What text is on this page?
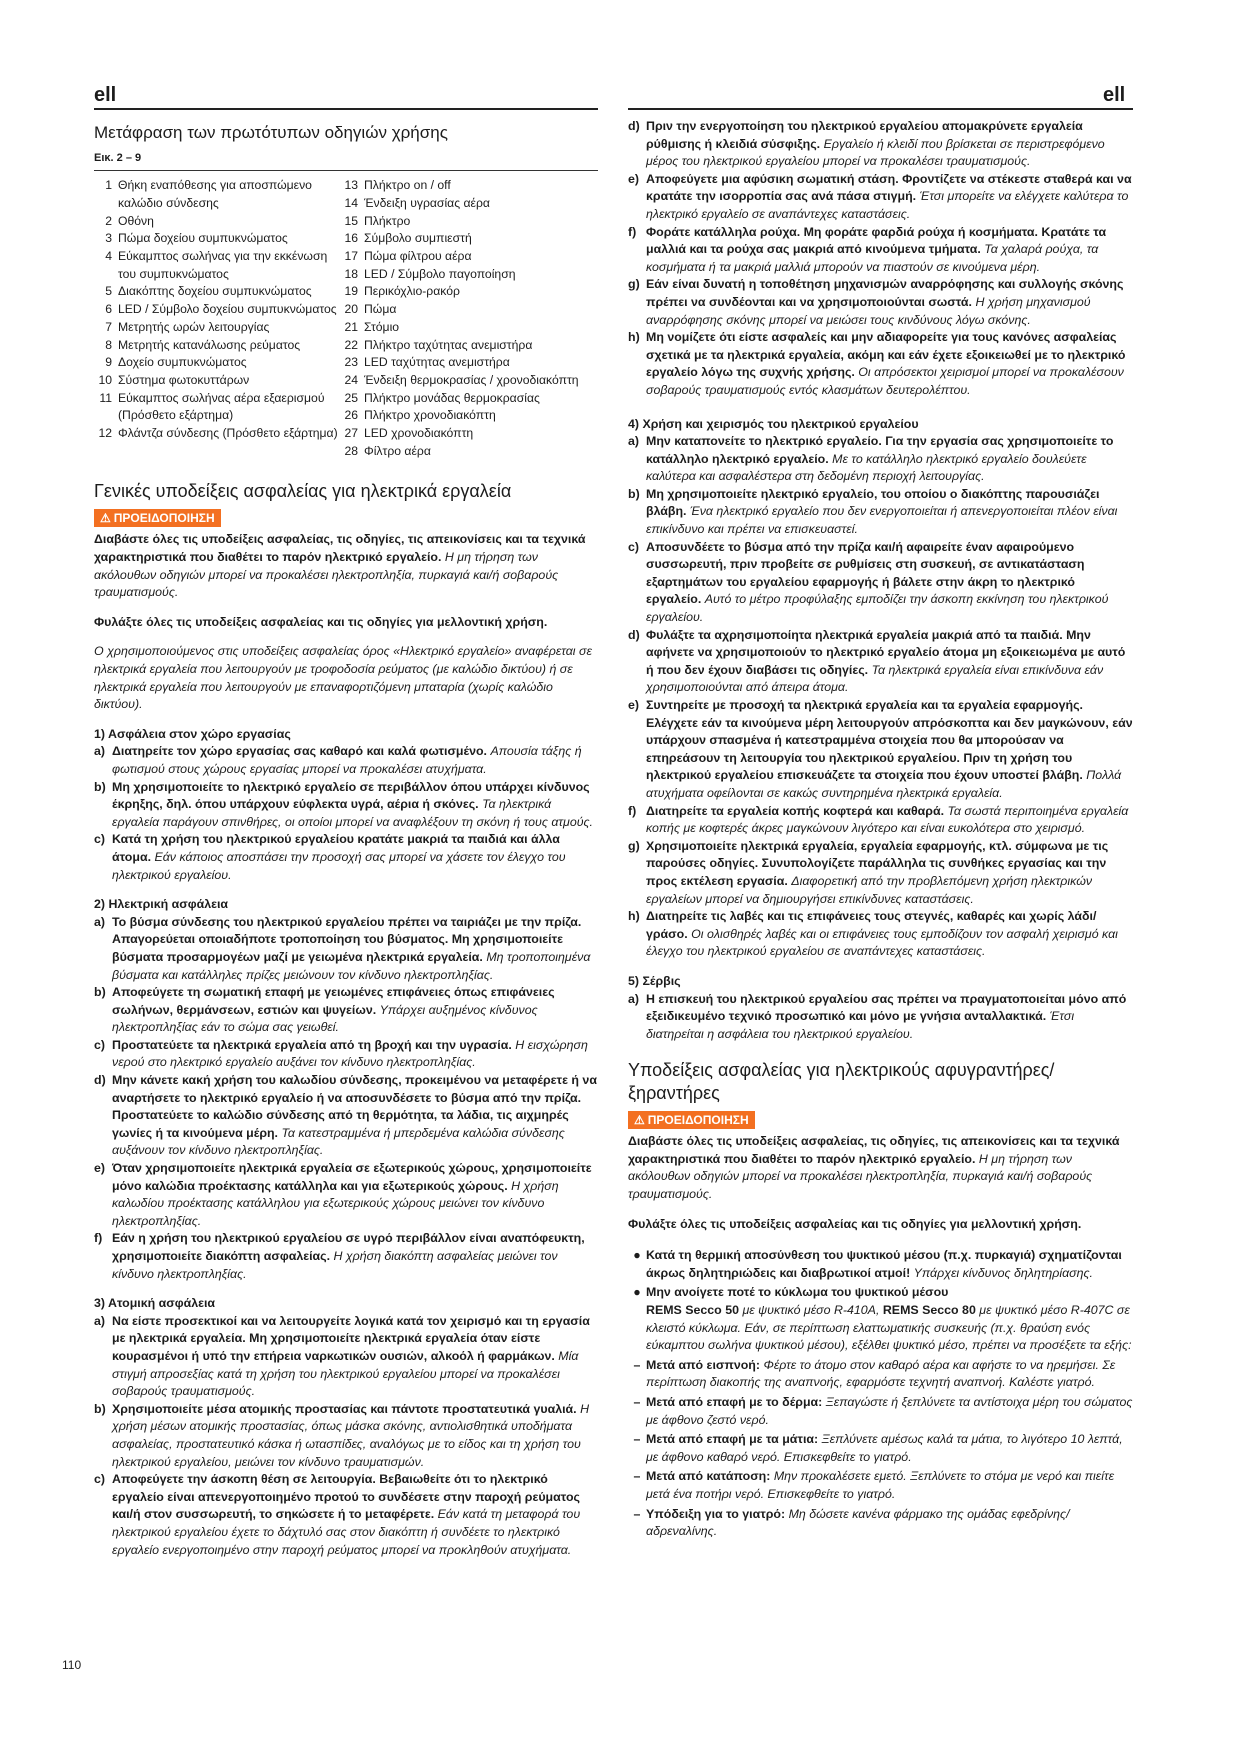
ell	ell

Μετάφραση των πρωτότυπων οδηγιών χρήσης

Εικ. 2 – 9

1 Θήκη εναπόθεσης για αποσπώμενο καλώδιο σύνδεσης
2 Οθόνη
3 Πώμα δοχείου συμπυκνώματος
4 Εύκαμπτος σωλήνας για την εκκένωση του συμπυκνώματος
5 Διακόπτης δοχείου συμπυκνώματος
6 LED / Σύμβολο δοχείου συμπυκνώματος
7 Μετρητής ωρών λειτουργίας
8 Μετρητής κατανάλωσης ρεύματος
9 Δοχείο συμπυκνώματος
10 Σύστημα φωτοκυττάρων
11 Εύκαμπτος σωλήνας αέρα εξαερισμού (Πρόσθετο εξάρτημα)
12 Φλάντζα σύνδεσης (Πρόσθετο εξάρτημα)
13 Πλήκτρο on / off
14 Ένδειξη υγρασίας αέρα
15 Πλήκτρο
16 Σύμβολο συμπιεστή
17 Πώμα φίλτρου αέρα
18 LED / Σύμβολο παγοποίηση
19 Περικόχλιο-ρακόρ
20 Πώμα
21 Στόμιο
22 Πλήκτρο ταχύτητας ανεμιστήρα
23 LED ταχύτητας ανεμιστήρα
24 Ένδειξη θερμοκρασίας / χρονοδιακόπτη
25 Πλήκτρο μονάδας θερμοκρασίας
26 Πλήκτρο χρονοδιακόπτη
27 LED χρονοδιακόπτη
28 Φίλτρο αέρα

Γενικές υποδείξεις ασφαλείας για ηλεκτρικά εργαλεία

⚠ ΠΡΟΕΙΔΟΠΟΙΗΣΗ

Διαβάστε όλες τις υποδείξεις ασφαλείας, τις οδηγίες, τις απεικονίσεις και τα τεχνικά χαρακτηριστικά που διαθέτει το παρόν ηλεκτρικό εργαλείο. Η μη τήρηση των ακόλουθων οδηγιών μπορεί να προκαλέσει ηλεκτροπληξία, πυρκαγιά και/ή σοβαρούς τραυματισμούς.

Φυλάξτε όλες τις υποδείξεις ασφαλείας και τις οδηγίες για μελλοντική χρήση.

Ο χρησιμοποιούμενος στις υποδείξεις ασφαλείας όρος «Ηλεκτρικό εργαλείο» αναφέρεται σε ηλεκτρικά εργαλεία που λειτουργούν με τροφοδοσία ρεύματος (με καλώδιο δικτύου) ή σε ηλεκτρικά εργαλεία που λειτουργούν με επαναφορτιζόμενη μπαταρία (χωρίς καλώδιο δικτύου).

1) Ασφάλεια στον χώρο εργασίας

a) Διατηρείτε τον χώρο εργασίας σας καθαρό και καλά φωτισμένο. Απουσία τάξης ή φωτισμού στους χώρους εργασίας μπορεί να προκαλέσει ατυχήματα.
b) Μη χρησιμοποιείτε το ηλεκτρικό εργαλείο σε περιβάλλον όπου υπάρχει κίνδυνος έκρηξης, δηλ. όπου υπάρχουν εύφλεκτα υγρά, αέρια ή σκόνες. Τα ηλεκτρικά εργαλεία παράγουν σπινθήρες, οι οποίοι μπορεί να αναφλέξουν τη σκόνη ή τους ατμούς.
c) Κατά τη χρήση του ηλεκτρικού εργαλείου κρατάτε μακριά τα παιδιά και άλλα άτομα. Εάν κάποιος αποσπάσει την προσοχή σας μπορεί να χάσετε τον έλεγχο του ηλεκτρικού εργαλείου.

2) Ηλεκτρική ασφάλεια

a) Το βύσμα σύνδεσης του ηλεκτρικού εργαλείου πρέπει να ταιριάζει με την πρίζα. Απαγορεύεται οποιαδήποτε τροποποίηση του βύσματος. Μη χρησιμοποιείτε βύσματα προσαρμογέων μαζί με γειωμένα ηλεκτρικά εργαλεία. Μη τροποποιημένα βύσματα και κατάλληλες πρίζες μειώνουν τον κίνδυνο ηλεκτροπληξίας.
b) Αποφεύγετε τη σωματική επαφή με γειωμένες επιφάνειες όπως επιφάνειες σωλήνων, θερμάνσεων, εστιών και ψυγείων. Υπάρχει αυξημένος κίνδυνος ηλεκτροπληξίας εάν το σώμα σας γειωθεί.
c) Προστατεύετε τα ηλεκτρικά εργαλεία από τη βροχή και την υγρασία. Η εισχώρηση νερού στο ηλεκτρικό εργαλείο αυξάνει τον κίνδυνο ηλεκτροπληξίας.
d) Μην κάνετε κακή χρήση του καλωδίου σύνδεσης, προκειμένου να μεταφέρετε ή να αναρτήσετε το ηλεκτρικό εργαλείο ή να αποσυνδέσετε το βύσμα από την πρίζα. Προστατεύετε το καλώδιο σύνδεσης από τη θερμότητα, τα λάδια, τις αιχμηρές γωνίες ή τα κινούμενα μέρη. Τα κατεστραμμένα ή μπερδεμένα καλώδια σύνδεσης αυξάνουν τον κίνδυνο ηλεκτροπληξίας.
e) Όταν χρησιμοποιείτε ηλεκτρικά εργαλεία σε εξωτερικούς χώρους, χρησιμοποιείτε μόνο καλώδια προέκτασης κατάλληλα και για εξωτερικούς χώρους. Η χρήση καλωδίου προέκτασης κατάλληλου για εξωτερικούς χώρους μειώνει τον κίνδυνο ηλεκτροπληξίας.
f) Εάν η χρήση του ηλεκτρικού εργαλείου σε υγρό περιβάλλον είναι αναπόφευκτη, χρησιμοποιείτε διακόπτη ασφαλείας. Η χρήση διακόπτη ασφαλείας μειώνει τον κίνδυνο ηλεκτροπληξίας.

3) Ατομική ασφάλεια

a) Να είστε προσεκτικοί και να λειτουργείτε λογικά κατά τον χειρισμό και τη εργασία με ηλεκτρικά εργαλεία. Μη χρησιμοποιείτε ηλεκτρικά εργαλεία όταν είστε κουρασμένοι ή υπό την επήρεια ναρκωτικών ουσιών, αλκοόλ ή φαρμάκων. Μία στιγμή απροσεξίας κατά τη χρήση του ηλεκτρικού εργαλείου μπορεί να προκαλέσει σοβαρούς τραυματισμούς.
b) Χρησιμοποιείτε μέσα ατομικής προστασίας και πάντοτε προστατευτικά γυαλιά. Η χρήση μέσων ατομικής προστασίας, όπως μάσκα σκόνης, αντιολισθητικά υποδήματα ασφαλείας, προστατευτικό κάσκα ή ωτασπίδες, αναλόγως με το είδος και τη χρήση του ηλεκτρικού εργαλείου, μειώνει τον κίνδυνο τραυματισμών.
c) Αποφεύγετε την άσκοπη θέση σε λειτουργία. Βεβαιωθείτε ότι το ηλεκτρικό εργαλείο είναι απενεργοποιημένο προτού το συνδέσετε στην παροχή ρεύματος και/ή στον συσσωρευτή, το σηκώσετε ή το μεταφέρετε. Εάν κατά τη μεταφορά του ηλεκτρικού εργαλείου έχετε το δάχτυλό σας στον διακόπτη ή συνδέετε το ηλεκτρικό εργαλείο ενεργοποιημένο στην παροχή ρεύματος μπορεί να προκληθούν ατυχήματα.
d) Πριν την ενεργοποίηση του ηλεκτρικού εργαλείου απομακρύνετε εργαλεία ρύθμισης ή κλειδιά σύσφιξης. Εργαλείο ή κλειδί που βρίσκεται σε περιστρεφόμενο μέρος του ηλεκτρικού εργαλείου μπορεί να προκαλέσει τραυματισμούς.
e) Αποφεύγετε μια αφύσικη σωματική στάση. Φροντίζετε να στέκεστε σταθερά και να κρατάτε την ισορροπία σας ανά πάσα στιγμή. Έτσι μπορείτε να ελέγχετε καλύτερα το ηλεκτρικό εργαλείο σε αναπάντεχες καταστάσεις.
f) Φοράτε κατάλληλα ρούχα. Μη φοράτε φαρδιά ρούχα ή κοσμήματα. Κρατάτε τα μαλλιά και τα ρούχα σας μακριά από κινούμενα τμήματα. Τα χαλαρά ρούχα, τα κοσμήματα ή τα μακριά μαλλιά μπορούν να πιαστούν σε κινούμενα μέρη.
g) Εάν είναι δυνατή η τοποθέτηση μηχανισμών αναρρόφησης και συλλογής σκόνης πρέπει να συνδέονται και να χρησιμοποιούνται σωστά. Η χρήση μηχανισμού αναρρόφησης σκόνης μπορεί να μειώσει τους κινδύνους λόγω σκόνης.
h) Μη νομίζετε ότι είστε ασφαλείς και μην αδιαφορείτε για τους κανόνες ασφαλείας σχετικά με τα ηλεκτρικά εργαλεία, ακόμη και εάν έχετε εξοικειωθεί με το ηλεκτρικό εργαλείο λόγω της συχνής χρήσης. Οι απρόσεκτοι χειρισμοί μπορεί να προκαλέσουν σοβαρούς τραυματισμούς εντός κλασμάτων δευτερολέπτου.

4) Χρήση και χειρισμός του ηλεκτρικού εργαλείου

a) Μην καταπονείτε το ηλεκτρικό εργαλείο. Για την εργασία σας χρησιμοποιείτε το κατάλληλο ηλεκτρικό εργαλείο. Με το κατάλληλο ηλεκτρικό εργαλείο δουλεύετε καλύτερα και ασφαλέστερα στη δεδομένη περιοχή λειτουργίας.
b) Μη χρησιμοποιείτε ηλεκτρικό εργαλείο, του οποίου ο διακόπτης παρουσιάζει βλάβη. Ένα ηλεκτρικό εργαλείο που δεν ενεργοποιείται ή απενεργοποιείται πλέον είναι επικίνδυνο και πρέπει να επισκευαστεί.
c) Αποσυνδέετε το βύσμα από την πρίζα και/ή αφαιρείτε έναν αφαιρούμενο συσσωρευτή, πριν προβείτε σε ρυθμίσεις στη συσκευή, σε αντικατάσταση εξαρτημάτων του εργαλείου εφαρμογής ή βάλετε στην άκρη το ηλεκτρικό εργαλείο. Αυτό το μέτρο προφύλαξης εμποδίζει την άσκοπη εκκίνηση του ηλεκτρικού εργαλείου.
d) Φυλάξτε τα αχρησιμοποίητα ηλεκτρικά εργαλεία μακριά από τα παιδιά. Μην αφήνετε να χρησιμοποιούν το ηλεκτρικό εργαλείο άτομα μη εξοικειωμένα με αυτό ή που δεν έχουν διαβάσει τις οδηγίες. Τα ηλεκτρικά εργαλεία είναι επικίνδυνα εάν χρησιμοποιούνται από άπειρα άτομα.
e) Συντηρείτε με προσοχή τα ηλεκτρικά εργαλεία και τα εργαλεία εφαρμογής. Ελέγχετε εάν τα κινούμενα μέρη λειτουργούν απρόσκοπτα και δεν μαγκώνουν, εάν υπάρχουν σπασμένα ή κατεστραμμένα στοιχεία που θα μπορούσαν να επηρεάσουν τη λειτουργία του ηλεκτρικού εργαλείου. Πριν τη χρήση του ηλεκτρικού εργαλείου επισκευάζετε τα στοιχεία που έχουν υποστεί βλάβη. Πολλά ατυχήματα οφείλονται σε κακώς συντηρημένα ηλεκτρικά εργαλεία.
f) Διατηρείτε τα εργαλεία κοπής κοφτερά και καθαρά. Τα σωστά περιποιημένα εργαλεία κοπής με κοφτερές άκρες μαγκώνουν λιγότερο και είναι ευκολότερα στο χειρισμό.
g) Χρησιμοποιείτε ηλεκτρικά εργαλεία, εργαλεία εφαρμογής, κτλ. σύμφωνα με τις παρούσες οδηγίες. Συνυπολογίζετε παράλληλα τις συνθήκες εργασίας και την προς εκτέλεση εργασία. Διαφορετική από την προβλεπόμενη χρήση ηλεκτρικών εργαλείων μπορεί να δημιουργήσει επικίνδυνες καταστάσεις.
h) Διατηρείτε τις λαβές και τις επιφάνειες τους στεγνές, καθαρές και χωρίς λάδι/γράσο. Οι ολισθηρές λαβές και οι επιφάνειες τους εμποδίζουν τον ασφαλή χειρισμό και έλεγχο του ηλεκτρικού εργαλείου σε αναπάντεχες καταστάσεις.

5) Σέρβις

a) Η επισκευή του ηλεκτρικού εργαλείου σας πρέπει να πραγματοποιείται μόνο από εξειδικευμένο τεχνικό προσωπικό και μόνο με γνήσια ανταλλακτικά. Έτσι διατηρείται η ασφάλεια του ηλεκτρικού εργαλείου.

Υποδείξεις ασφαλείας για ηλεκτρικούς αφυγραντήρες/ ξηραντήρες

⚠ ΠΡΟΕΙΔΟΠΟΙΗΣΗ

Διαβάστε όλες τις υποδείξεις ασφαλείας, τις οδηγίες, τις απεικονίσεις και τα τεχνικά χαρακτηριστικά που διαθέτει το παρόν ηλεκτρικό εργαλείο. Η μη τήρηση των ακόλουθων οδηγιών μπορεί να προκαλέσει ηλεκτροπληξία, πυρκαγιά και/ή σοβαρούς τραυματισμούς.

Φυλάξτε όλες τις υποδείξεις ασφαλείας και τις οδηγίες για μελλοντική χρήση.

● Κατά τη θερμική αποσύνθεση του ψυκτικού μέσου (π.χ. πυρκαγιά) σχηματίζονται άκρως δηλητηριώδεις και διαβρωτικοί ατμοί! Υπάρχει κίνδυνος δηλητηρίασης.
● Μην ανοίγετε ποτέ το κύκλωμα του ψυκτικού μέσου
REMS Secco 50 με ψυκτικό μέσο R-410A, REMS Secco 80 με ψυκτικό μέσο R-407C σε κλειστό κύκλωμα. Εάν, σε περίπτωση ελαττωματικής συσκευής (π.χ. θραύση ενός εύκαμπτου σωλήνα ψυκτικού μέσου), εξέλθει ψυκτικό μέσο, πρέπει να προσέξετε τα εξής:
– Μετά από εισπνοή: Φέρτε το άτομο στον καθαρό αέρα και αφήστε το να ηρεμήσει. Σε περίπτωση διακοπής της αναπνοής, εφαρμόστε τεχνητή αναπνοή. Καλέστε γιατρό.
– Μετά από επαφή με το δέρμα: Ξεπαγώστε ή ξεπλύνετε τα αντίστοιχα μέρη του σώματος με άφθονο ζεστό νερό.
– Μετά από επαφή με τα μάτια: Ξεπλύνετε αμέσως καλά τα μάτια, το λιγότερο 10 λεπτά, με άφθονο καθαρό νερό. Επισκεφθείτε το γιατρό.
– Μετά από κατάποση: Μην προκαλέσετε εμετό. Ξεπλύνετε το στόμα με νερό και πιείτε μετά ένα ποτήρι νερό. Επισκεφθείτε το γιατρό.
– Υπόδειξη για το γιατρό: Μη δώσετε κανένα φάρμακο της ομάδας εφεδρίνης/ αδρεναλίνης.
110
